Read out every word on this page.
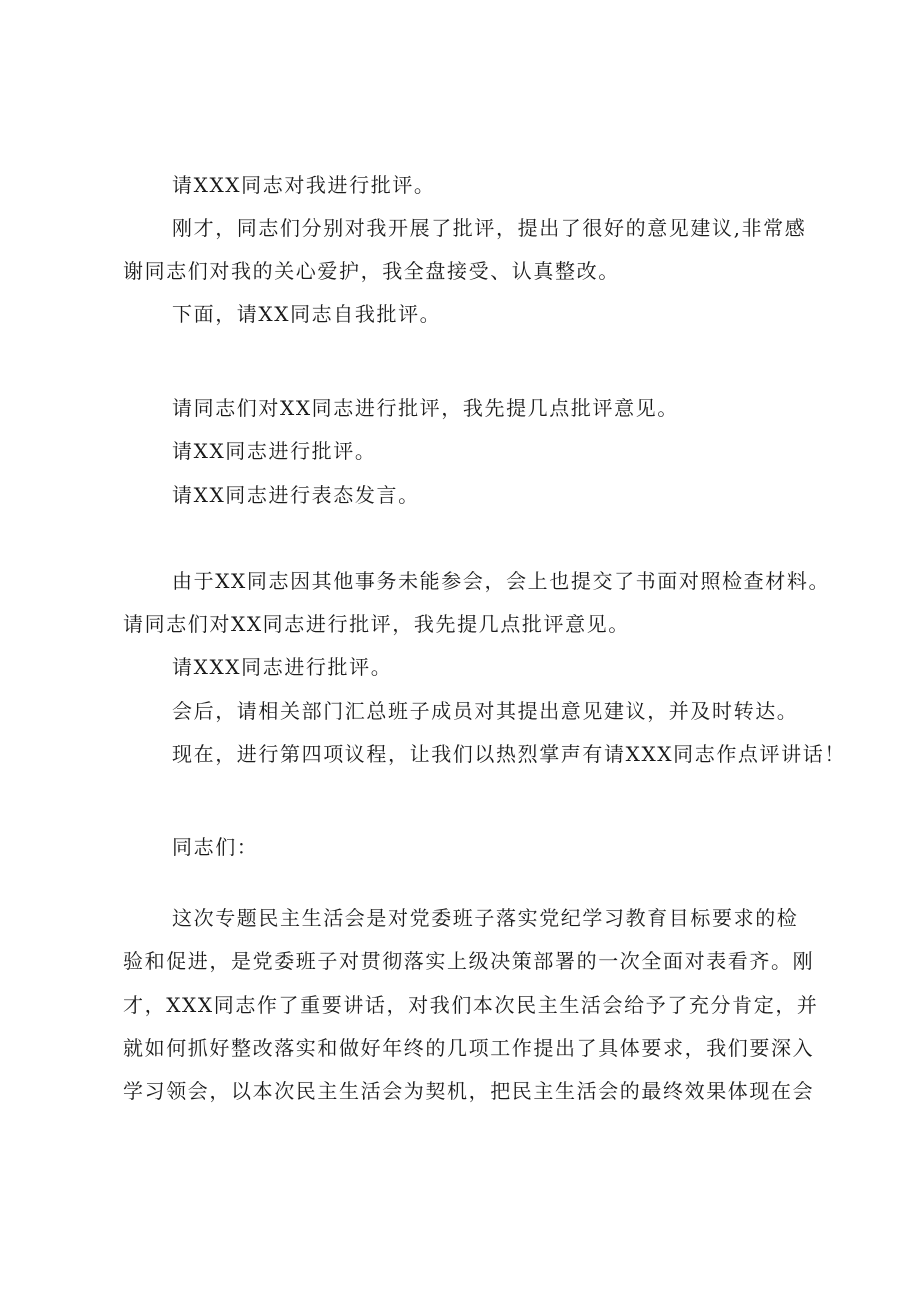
请XXX同志对我进行批评。
刚才，同志们分别对我开展了批评，提出了很好的意见建议,非常感
谢同志们对我的关心爱护，我全盘接受、认真整改。
下面，请XX同志自我批评。
请同志们对XX同志进行批评，我先提几点批评意见。
请XX同志进行批评。
请XX同志进行表态发言。
由于XX同志因其他事务未能参会，会上也提交了书面对照检查材料。
请同志们对XX同志进行批评，我先提几点批评意见。
请XXX同志进行批评。
会后，请相关部门汇总班子成员对其提出意见建议，并及时转达。
现在，进行第四项议程，让我们以热烈掌声有请XXX同志作点评讲话！
同志们：
这次专题民主生活会是对党委班子落实党纪学习教育目标要求的检
验和促进，是党委班子对贯彻落实上级决策部署的一次全面对表看齐。刚
才，XXX同志作了重要讲话，对我们本次民主生活会给予了充分肯定，并
就如何抓好整改落实和做好年终的几项工作提出了具体要求，我们要深入
学习领会，以本次民主生活会为契机，把民主生活会的最终效果体现在会
